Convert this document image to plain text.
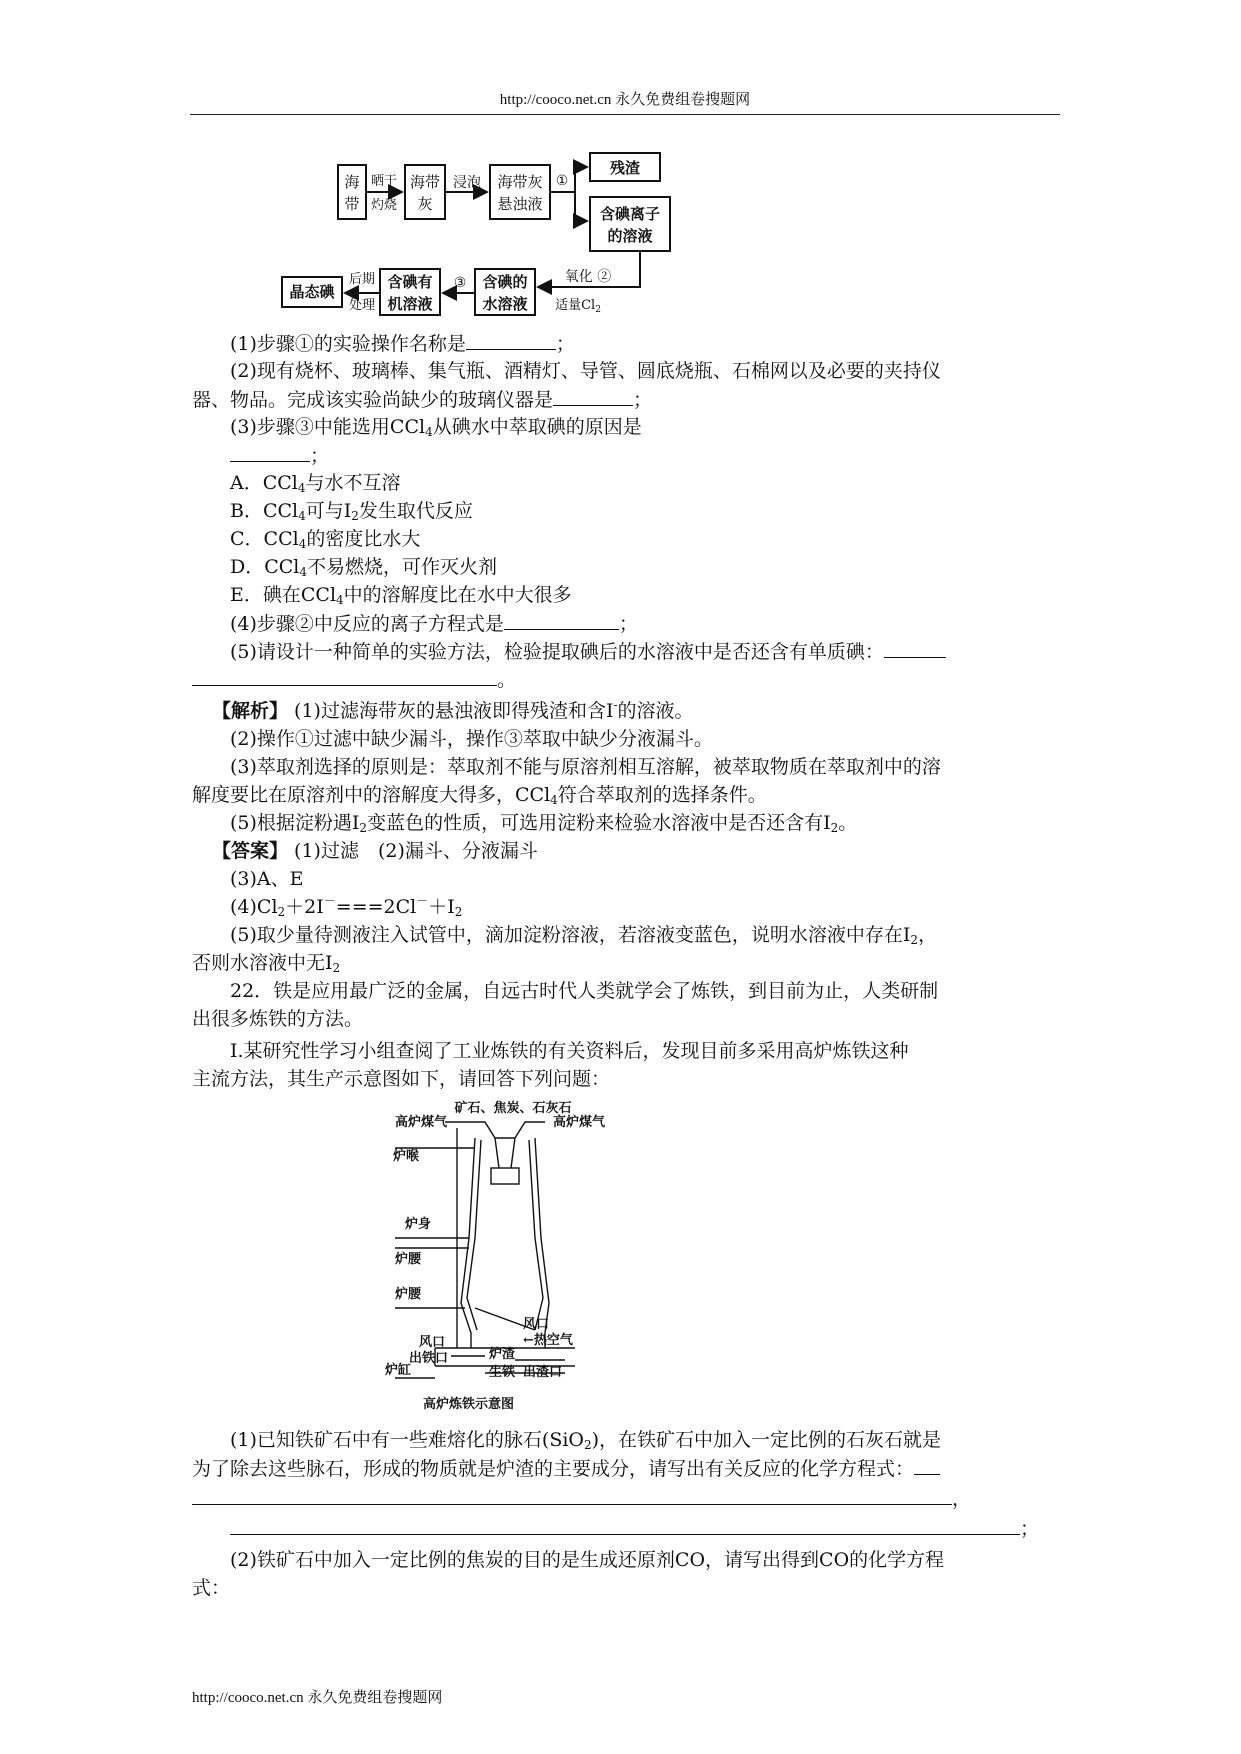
http://cooco.net.cn 永久免费组卷搜题网
海
带
晒干
灼烧
海带
灰
浸泡 海带灰
悬浊液
①
残渣
含碘离子
的溶液
氧化 ②
适量$Cl_2$
含碘的
水溶液
③
含碘有
机溶液
后期
处理
晶态碘
(1)步骤①的实验操作名称是	；
(2)现有烧杯、玻璃棒、集气瓶、酒精灯、导管、圆底烧瓶、石棉网以及必要的夹持仪
器、物品。完成该实验尚缺少的玻璃仪器是	；
(3)步骤③中能选用CCl$_4$从碘水中萃取碘的原因是
；
A．CCl$_4$与水不互溶
B．CCl$_4$可与$I_2$发生取代反应
C．CCl$_4$的密度比水大
D．CCl$_4$不易燃烧，可作灭火剂
E．碘在CCl$_4$中的溶解度比在水中大很多
(4)步骤②中反应的离子方程式是	；
(5)请设计一种简单的实验方法，检验提取碘后的水溶液中是否还含有单质碘：
。
【解析】 (1)过滤海带灰的悬浊液即得残渣和含I-的溶液。
(2)操作①过滤中缺少漏斗，操作③萃取中缺少分液漏斗。
(3)萃取剂选择的原则是：萃取剂不能与原溶剂相互溶解，被萃取物质在萃取剂中的溶
解度要比在原溶剂中的溶解度大得多，CCl$_4$符合萃取剂的选择条件。
(5)根据淀粉遇$I_2$变蓝色的性质，可选用淀粉来检验水溶液中是否还含有$I_2$。
【答案】 (1)过滤　(2)漏斗、分液漏斗
(3)A、E
$(4)Cl_2+2I^-===2Cl^-+I_2$
(5)取少量待测液注入试管中，滴加淀粉溶液，若溶液变蓝色，说明水溶液中存在$I_2$，
否则水溶液中无$I_2$
22．铁是应用最广泛的金属，自远古时代人类就学会了炼铁，到目前为止，人类研制
出很多炼铁的方法。
Ⅰ.某研究性学习小组查阅了工业炼铁的有关资料后，发现目前多采用高炉炼铁这种
主流方法，其生产示意图如下，请回答下列问题：
矿石、焦炭、石灰石
高炉煤气	高炉煤气
炉喉
炉身
炉腰
炉腰
风口
出铁口	炉渣
生铁
风口
←热空气
出渣口
炉缸
高炉炼铁示意图
(1)已知铁矿石中有一些难熔化的脉石(SiO$_2$)，在铁矿石中加入一定比例的石灰石就是
为了除去这些脉石，形成的物质就是炉渣的主要成分，请写出有关反应的化学方程式：
，
；
(2)铁矿石中加入一定比例的焦炭的目的是生成还原剂CO，请写出得到CO的化学方程
式：
http://cooco.net.cn 永久免费组卷搜题网
